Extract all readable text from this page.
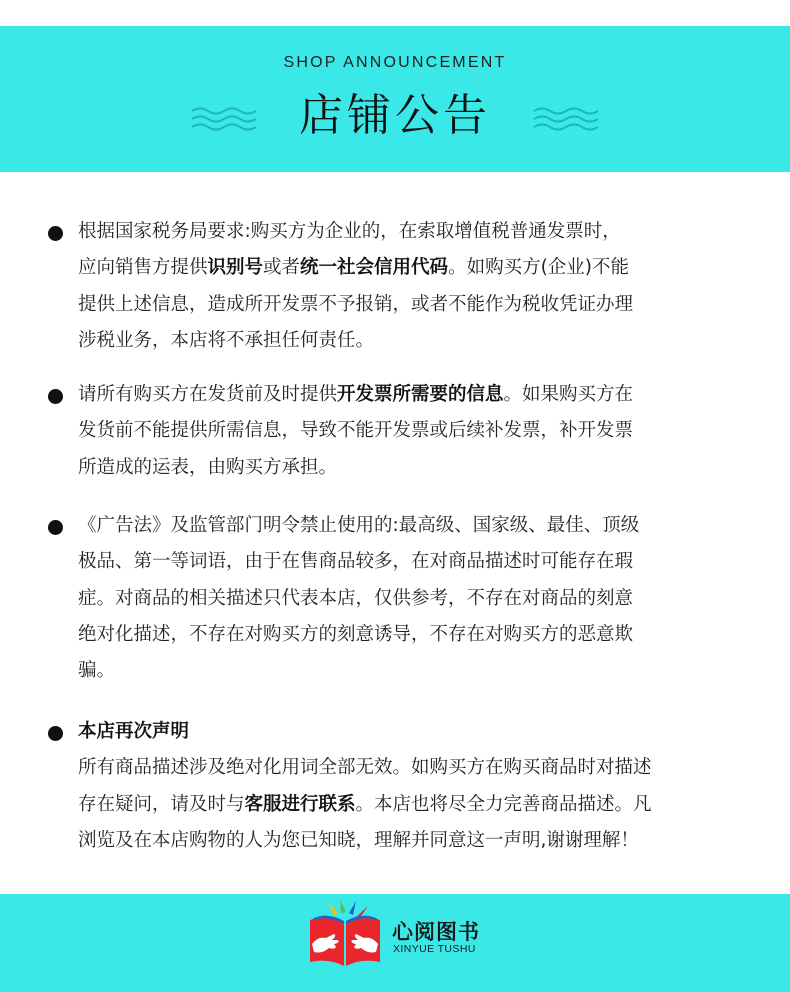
SHOP ANNOUNCEMENT
店铺公告

根据国家税务局要求:购买方为企业的，在索取增值税普通发票时，
应向销售方提供识别号或者统一社会信用代码。如购买方(企业)不能
提供上述信息，造成所开发票不予报销，或者不能作为税收凭证办理
涉税业务，本店将不承担任何责任。

请所有购买方在发货前及时提供开发票所需要的信息。如果购买方在
发货前不能提供所需信息，导致不能开发票或后续补发票，补开发票
所造成的运表，由购买方承担。

《广告法》及监管部门明令禁止使用的:最高级、国家级、最佳、顶级
极品、第一等词语，由于在售商品较多，在对商品描述时可能存在瑕
症。对商品的相关描述只代表本店，仅供参考，不存在对商品的刻意
绝对化描述，不存在对购买方的刻意诱导，不存在对购买方的恶意欺
骗。

本店再次声明
所有商品描述涉及绝对化用词全部无效。如购买方在购买商品时对描述
存在疑问，请及时与客服进行联系。本店也将尽全力完善商品描述。凡
浏览及在本店购物的人为您已知晓，理解并同意这一声明,谢谢理解！

心阅图书
XINYUE TUSHU
